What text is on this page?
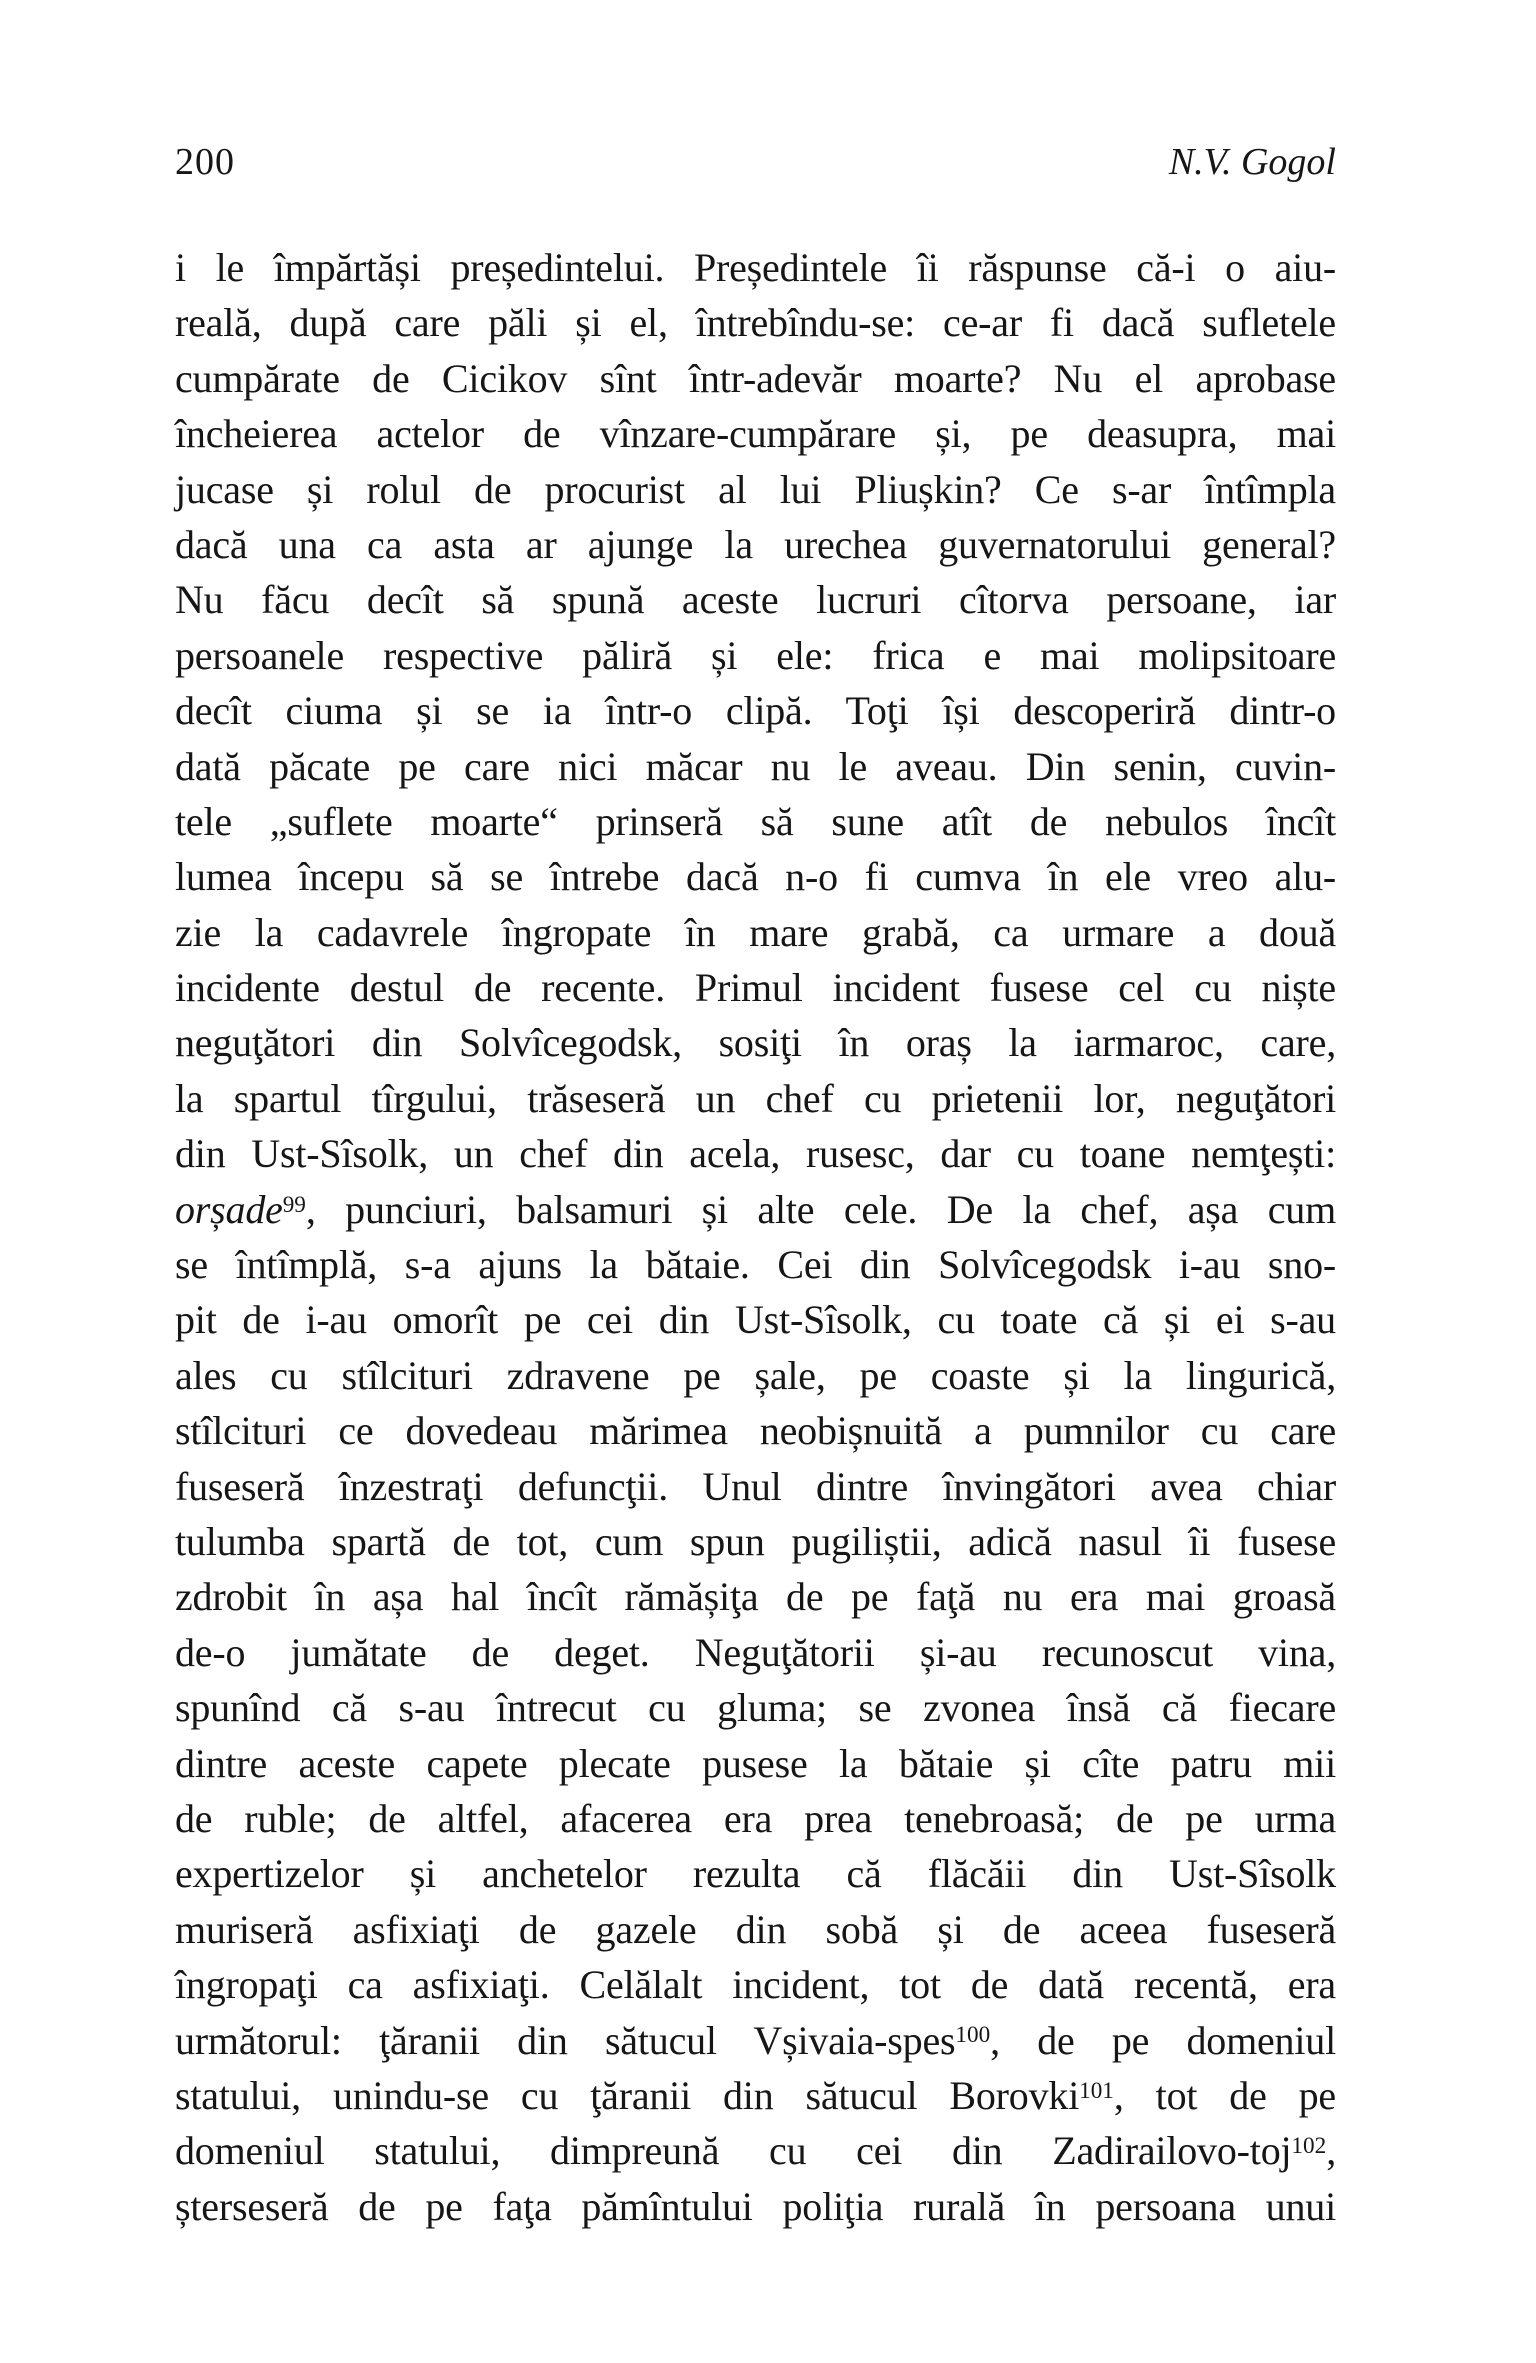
200	N.V. Gogol
i le împărtăși președintelui. Președintele îi răspunse că-i o aiu-
reală, după care păli și el, întrebîndu-se: ce-ar fi dacă sufletele
cumpărate de Cicikov sînt într-adevăr moarte? Nu el aprobase
încheierea actelor de vînzare-cumpărare și, pe deasupra, mai
jucase și rolul de procurist al lui Pliușkin? Ce s-ar întîmpla
dacă una ca asta ar ajunge la urechea guvernatorului general?
Nu făcu decît să spună aceste lucruri cîtorva persoane, iar
persoanele respective păliră și ele: frica e mai molipsitoare
decît ciuma și se ia într-o clipă. Toţi își descoperiră dintr-o
dată păcate pe care nici măcar nu le aveau. Din senin, cuvin-
tele „suflete moarte“ prinseră să sune atît de nebulos încît
lumea începu să se întrebe dacă n-o fi cumva în ele vreo alu-
zie la cadavrele îngropate în mare grabă, ca urmare a două
incidente destul de recente. Primul incident fusese cel cu niște
neguţători din Solvîcegodsk, sosiţi în oraș la iarmaroc, care,
la spartul tîrgului, trăseseră un chef cu prietenii lor, neguţători
din Ust-Sîsolk, un chef din acela, rusesc, dar cu toane nemţești:
orșade$^{99}$, punciuri, balsamuri și alte cele. De la chef, așa cum
se întîmplă, s-a ajuns la bătaie. Cei din Solvîcegodsk i-au sno-
pit de i-au omorît pe cei din Ust-Sîsolk, cu toate că și ei s-au
ales cu stîlcituri zdravene pe șale, pe coaste și la lingurică,
stîlcituri ce dovedeau mărimea neobișnuită a pumnilor cu care
fuseseră înzestraţi defuncţii. Unul dintre învingători avea chiar
tulumba spartă de tot, cum spun pugiliștii, adică nasul îi fusese
zdrobit în așa hal încît rămășiţa de pe faţă nu era mai groasă
de-o jumătate de deget. Neguţătorii și-au recunoscut vina,
spunînd că s-au întrecut cu gluma; se zvonea însă că fiecare
dintre aceste capete plecate pusese la bătaie și cîte patru mii
de ruble; de altfel, afacerea era prea tenebroasă; de pe urma
expertizelor și anchetelor rezulta că flăcăii din Ust-Sîsolk
muriseră asfixiaţi de gazele din sobă și de aceea fuseseră
îngropaţi ca asfixiaţi. Celălalt incident, tot de dată recentă, era
următorul: ţăranii din sătucul Vșivaia-spes$^{100}$, de pe domeniul
statului, unindu-se cu ţăranii din sătucul Borovki$^{101}$, tot de pe
domeniul statului, dimpreună cu cei din Zadirailovo-toj$^{102}$,
șterseseră de pe faţa pămîntului poliţia rurală în persoana unui
